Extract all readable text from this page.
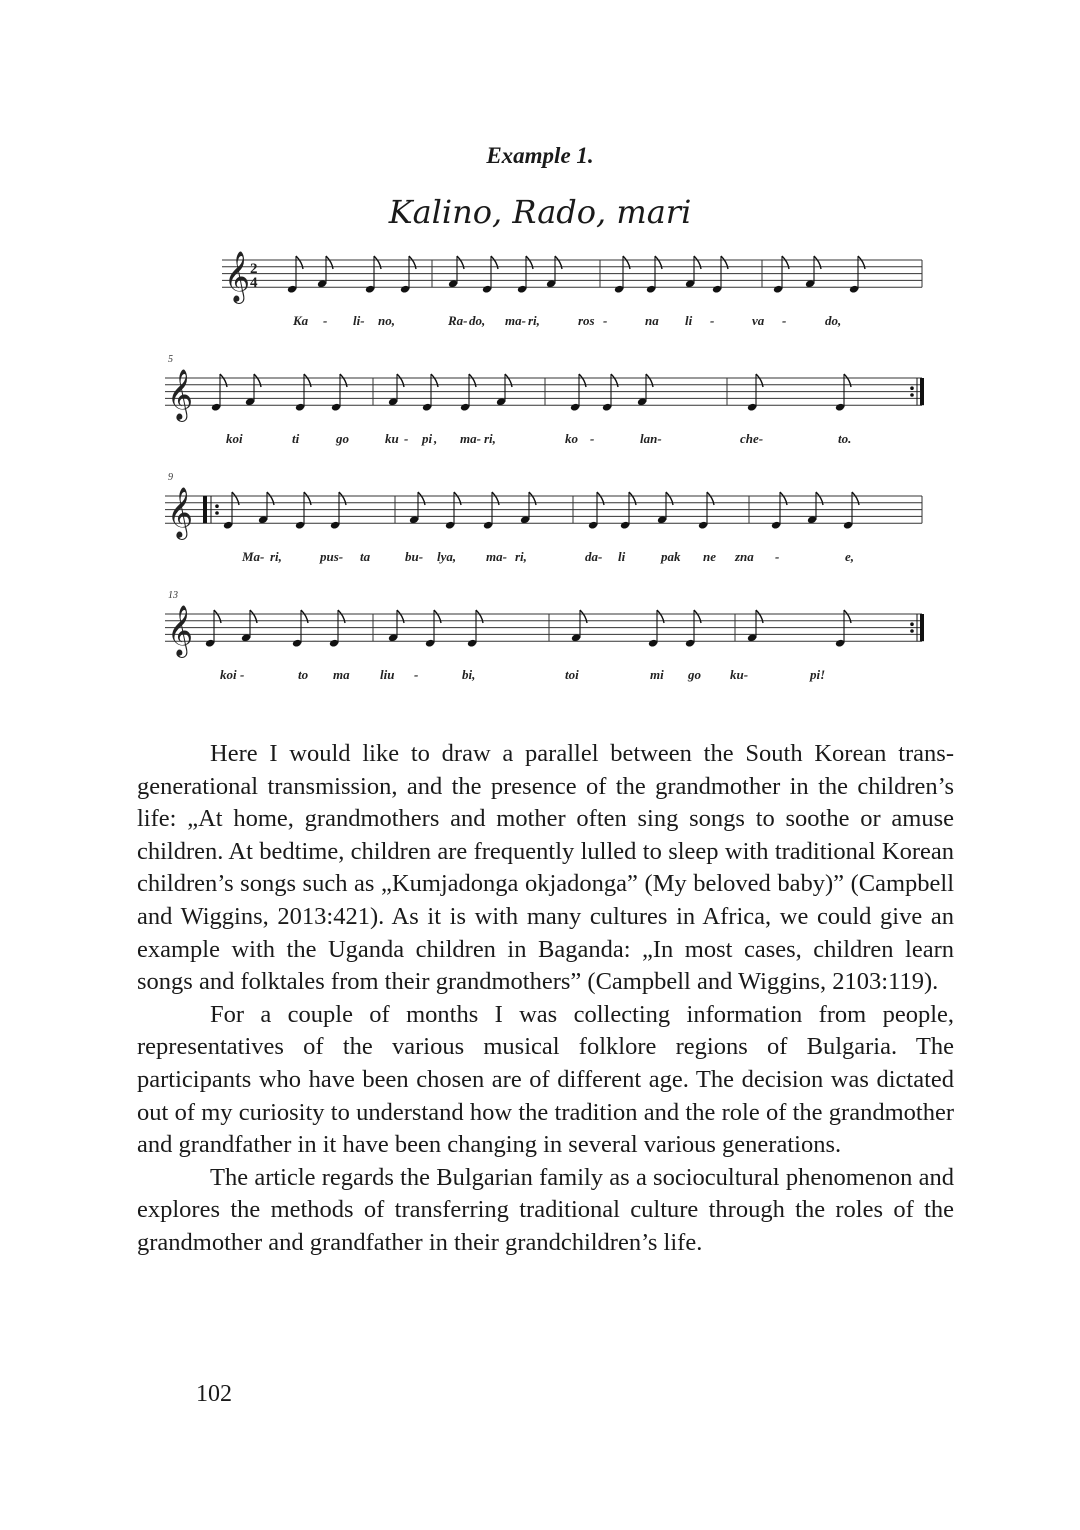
Example 1.
Kalino, Rado, mari
𝄞 2
4
Ka - li- no,	Ra- do, ma- ri,	ros -	na li -	va -	do,
𝄞
5
koi	ti	go	ku - pi , ma- ri,	ko -	lan-	che-	to.
𝄞
9
Ma- ri,	pus- ta	bu- lya, ma- ri,	da- li	pak ne zna -	e,
𝄞
13
koi -	to ma liu -	bi,	toi	mi go ku-	pi!

Here I would like to draw a parallel between the South Korean trans-generational transmission, and the presence of the grandmother in the children’s life: „At home, grandmothers and mother often sing songs to soothe or amuse children. At bedtime, children are frequently lulled to sleep with traditional Korean children’s songs such as „Kumjadonga okjadonga” (My beloved baby)” (Campbell and Wiggins, 2013:421). As it is with many cultures in Africa, we could give an example with the Uganda children in Baganda: „In most cases, children learn songs and folktales from their grandmothers” (Campbell and Wiggins, 2103:119).

For a couple of months I was collecting information from people, representatives of the various musical folklore regions of Bulgaria. The participants who have been chosen are of different age. The decision was dictated out of my curiosity to understand how the tradition and the role of the grandmother and grandfather in it have been changing in several various generations.

The article regards the Bulgarian family as a sociocultural phenomenon and explores the methods of transferring traditional culture through the roles of the grandmother and grandfather in their grandchildren’s life.

102
